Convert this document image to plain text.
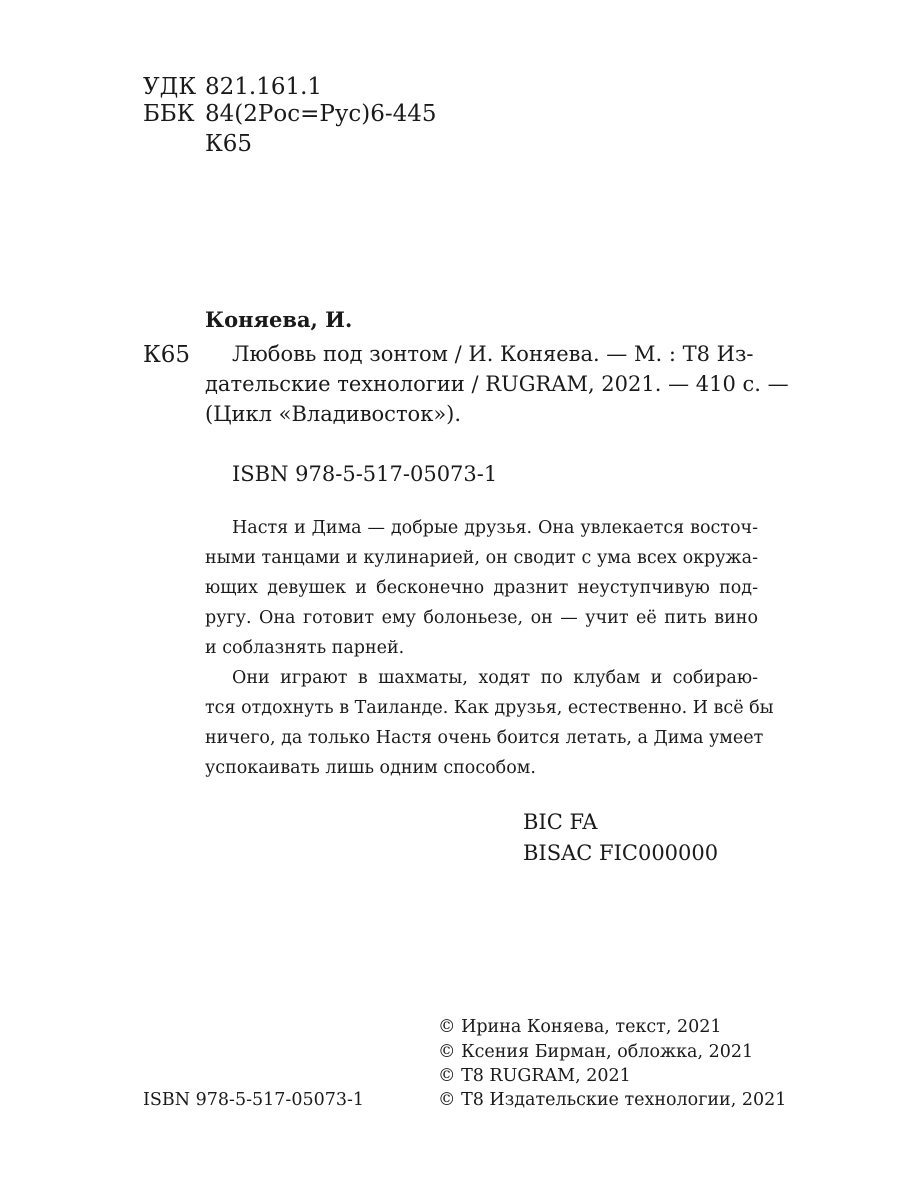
УДК 821.161.1
ББК 84(2Рос=Рус)6-445
К65
Коняева, И.
К65 Любовь под зонтом / И. Коняева. — М. : Т8 Из-
дательские технологии / RUGRAM, 2021. — 410 с. —
(Цикл «Владивосток»).
ISBN 978-5-517-05073-1
Настя и Дима — добрые друзья. Она увлекается восточ-
ными танцами и кулинарией, он сводит с ума всех окружа-
ющих девушек и бесконечно дразнит неуступчивую под-
ругу. Она готовит ему болоньезе, он — учит её пить вино
и соблазнять парней.
Они играют в шахматы, ходят по клубам и собираю-
тся отдохнуть в Таиланде. Как друзья, естественно. И всё бы
ничего, да только Настя очень боится летать, а Дима умеет
успокаивать лишь одним способом.
BIC FA
BISAC FIC000000
© Ирина Коняева, текст, 2021
© Ксения Бирман, обложка, 2021
© Т8 RUGRAM, 2021
© Т8 Издательские технологии, 2021
ISBN 978-5-517-05073-1
